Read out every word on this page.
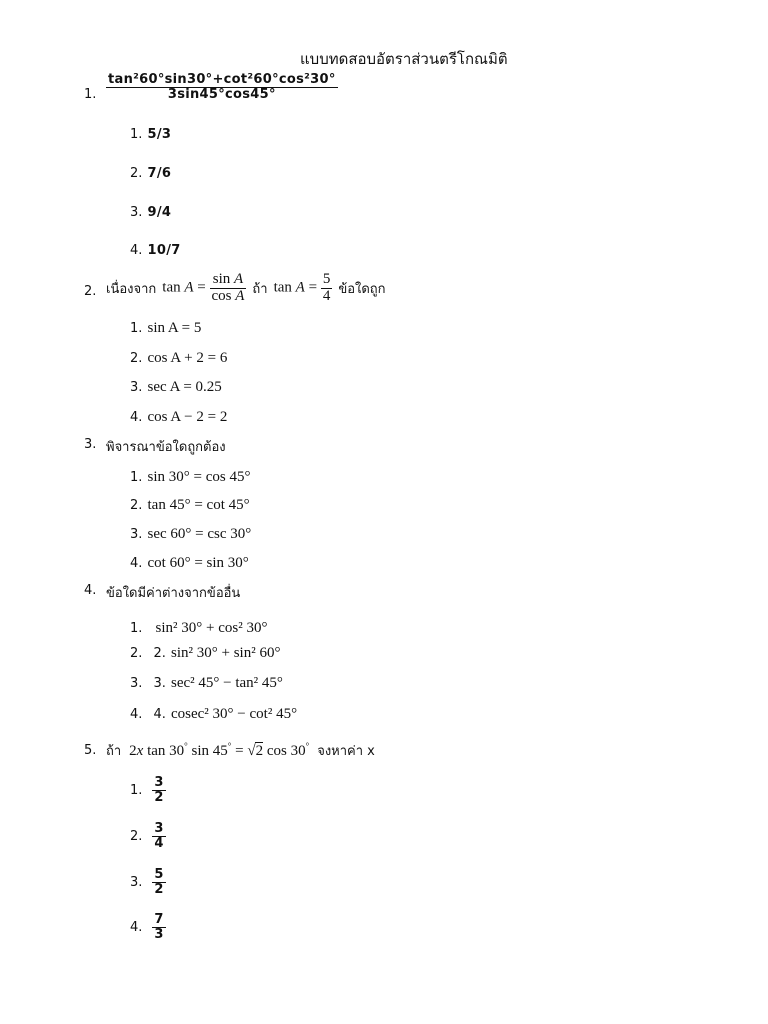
แบบทดสอบอัตราส่วนตรีโกณมิติ
1. $\frac{\text{tan²60°sin30°+cot²60°cos²30°}}{3\sin 45^\circ\cos 45^\circ}$
1. 5/3
2. 7/6
3. 9/4
4. 10/7
2. เนื่องจาก $\tan A = \frac{\text{sin A}}{\text{cos A}}$ ถ้า $\tan A = \frac{5}{4}$ ข้อใดถูก
1. sin A = 5
2. cos A + 2 = 6
3. sec A = 0.25
4. cos A − 2 = 2
3. พิจารณาข้อใดถูกต้อง
1. sin 30° = cos 45°
2. tan 45° = cot 45°
3. sec 60° = csc 30°
4. cot 60° = sin 30°
4. ข้อใดมีค่าต่างจากข้ออื่น
1. sin² 30° + cos² 30°
2. 2. sin² 30° + sin² 60°
3. 3. sec² 45° − tan² 45°
4. 4. cosec² 30° − cot² 45°
5. ถ้า 2x tan 30° sin 45° = √2 cos 30° จงหาค่า x
1. $\frac{3}{2}$
2. $\frac{3}{4}$
3. $\frac{5}{2}$
4. $\frac{7}{3}$
